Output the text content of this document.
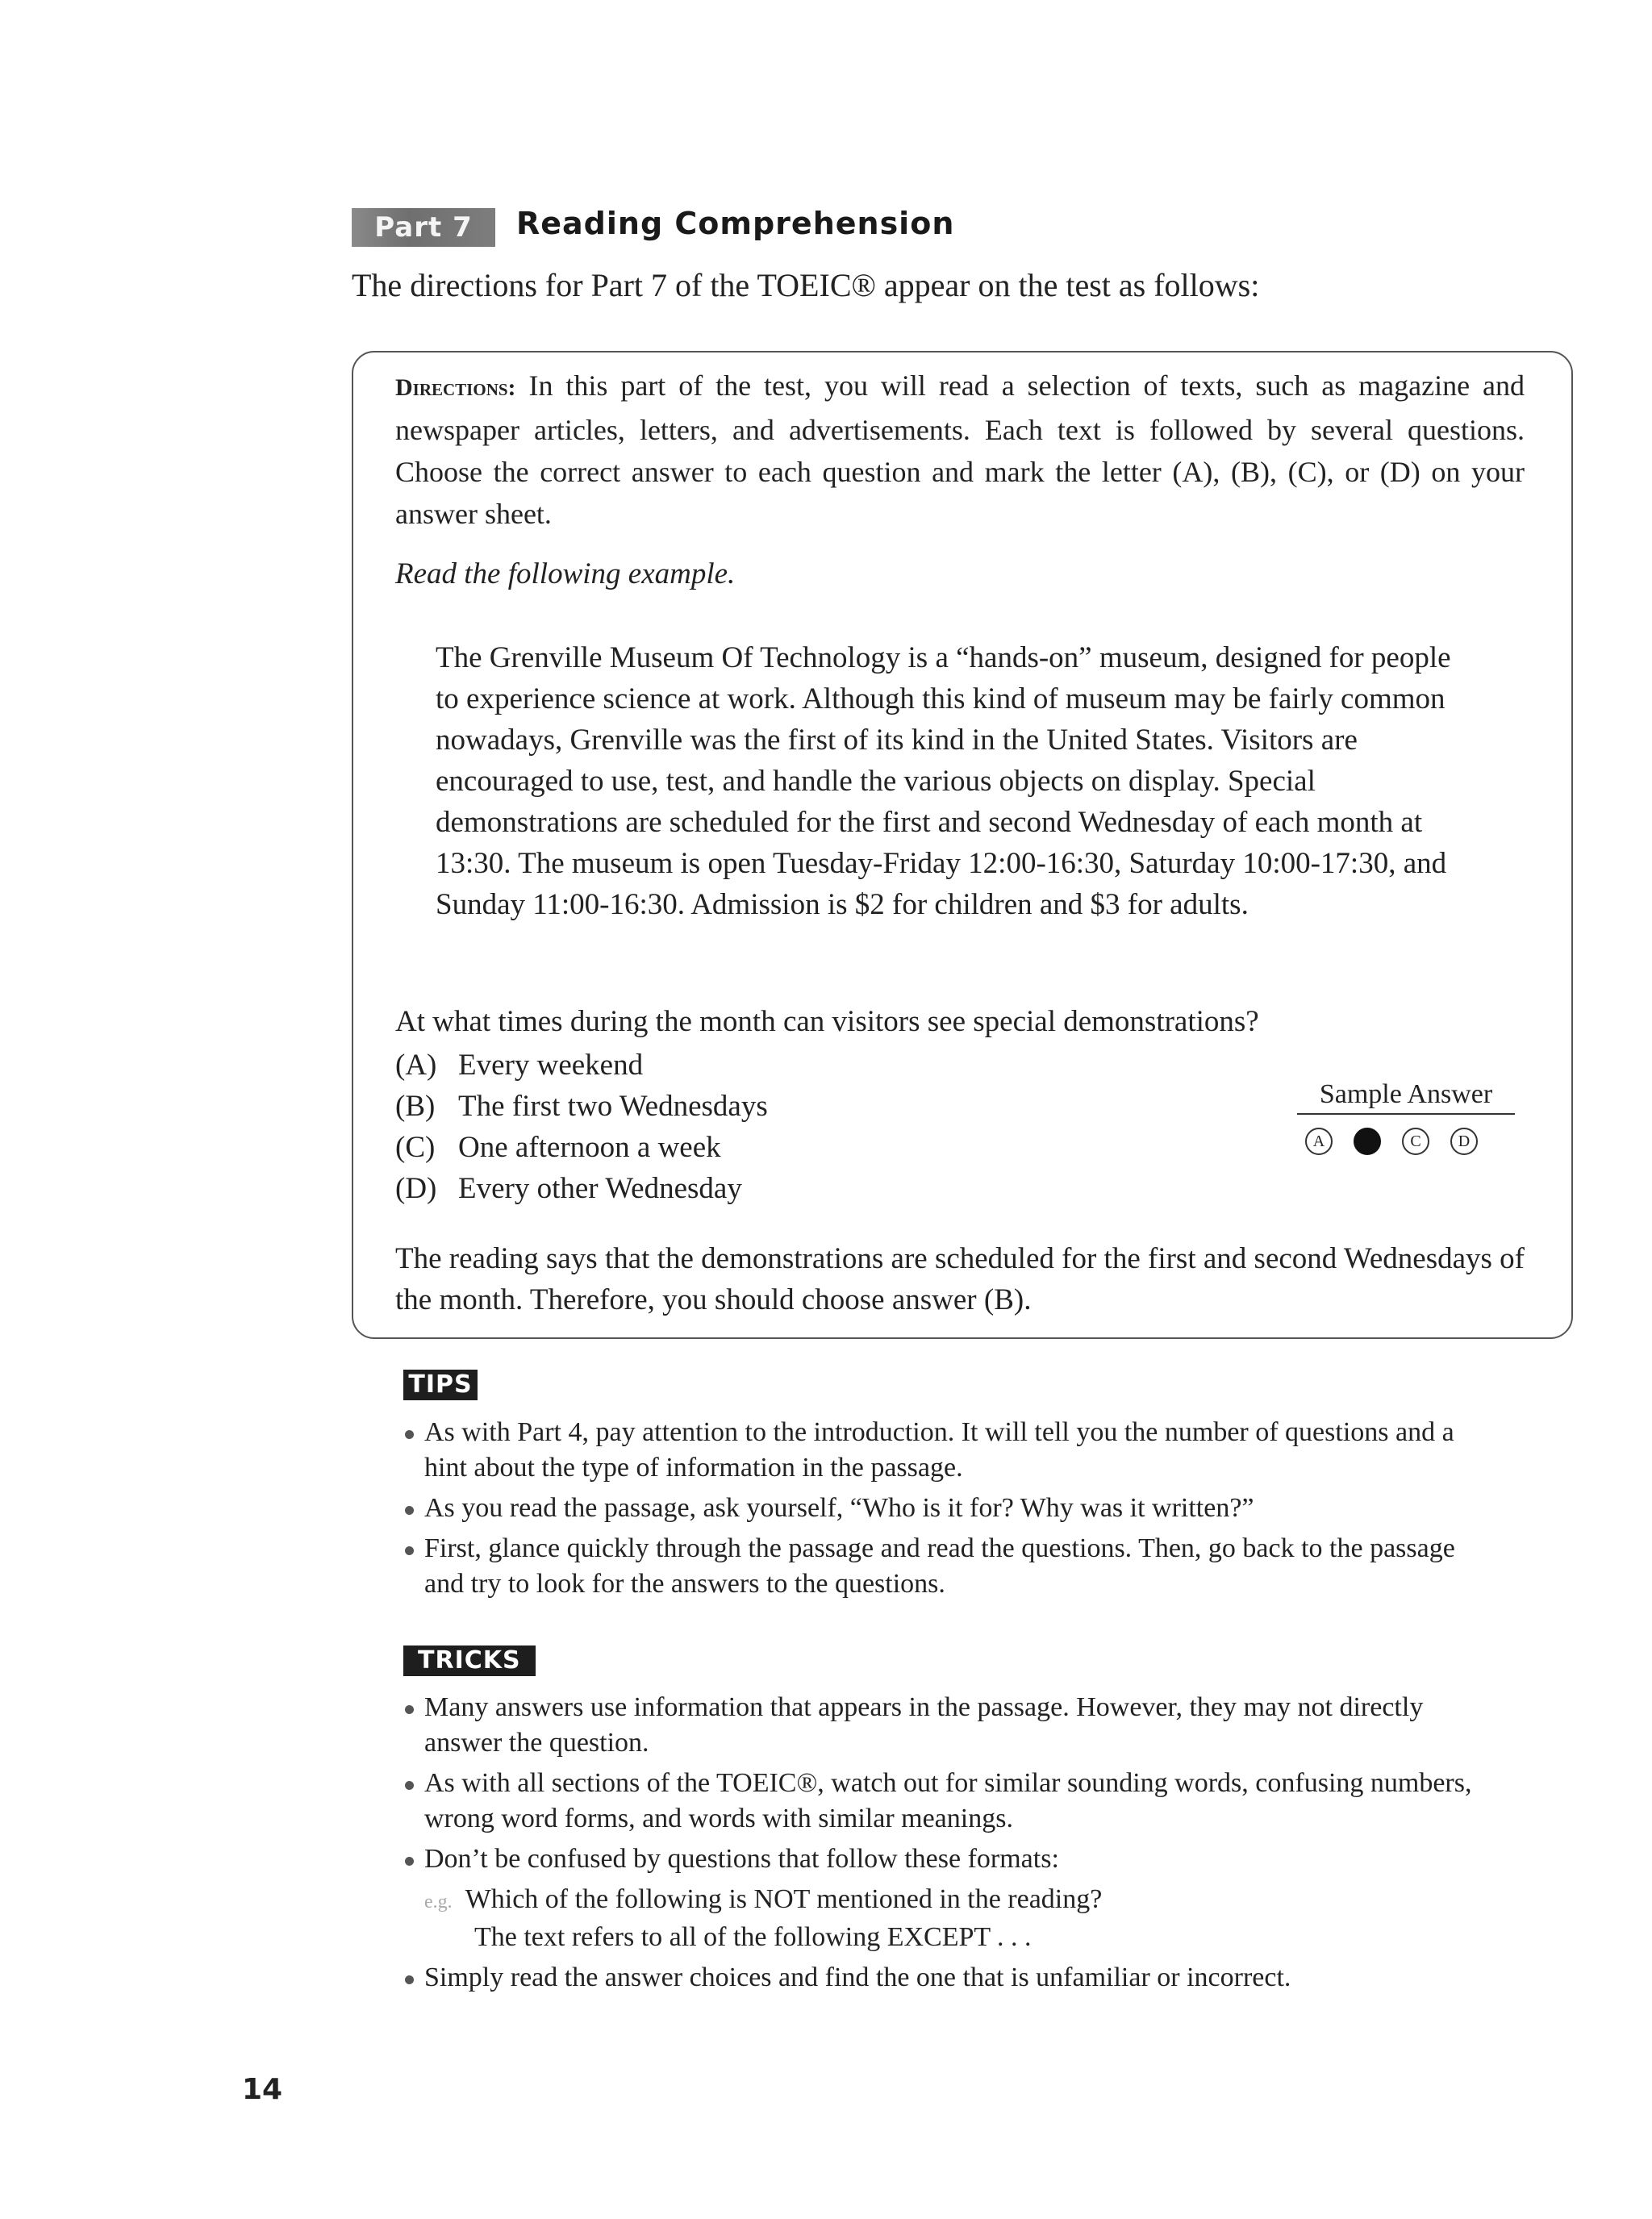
Part 7	Reading Comprehension
The directions for Part 7 of the TOEIC® appear on the test as follows:
Directions: In this part of the test, you will read a selection of texts, such as magazine and newspaper articles, letters, and advertisements. Each text is followed by several questions. Choose the correct answer to each question and mark the letter (A), (B), (C), or (D) on your answer sheet.
Read the following example.
The Grenville Museum Of Technology is a “hands-on” museum, designed for people to experience science at work. Although this kind of museum may be fairly common nowadays, Grenville was the first of its kind in the United States. Visitors are encouraged to use, test, and handle the various objects on display. Special demonstrations are scheduled for the first and second Wednesday of each month at 13:30. The museum is open Tuesday-Friday 12:00-16:30, Saturday 10:00-17:30, and Sunday 11:00-16:30. Admission is $2 for children and $3 for adults.
At what times during the month can visitors see special demonstrations?
(A) Every weekend
(B) The first two Wednesdays
(C) One afternoon a week
(D) Every other Wednesday
Sample Answer
A	C	D
The reading says that the demonstrations are scheduled for the first and second Wednesdays of the month. Therefore, you should choose answer (B).
TIPS
As with Part 4, pay attention to the introduction. It will tell you the number of questions and a hint about the type of information in the passage.
As you read the passage, ask yourself, “Who is it for? Why was it written?”
First, glance quickly through the passage and read the questions. Then, go back to the passage and try to look for the answers to the questions.
TRICKS
Many answers use information that appears in the passage. However, they may not directly answer the question.
As with all sections of the TOEIC®, watch out for similar sounding words, confusing numbers, wrong word forms, and words with similar meanings.
Don’t be confused by questions that follow these formats:
e.g. Which of the following is NOT mentioned in the reading?
The text refers to all of the following EXCEPT . . .
Simply read the answer choices and find the one that is unfamiliar or incorrect.
14
